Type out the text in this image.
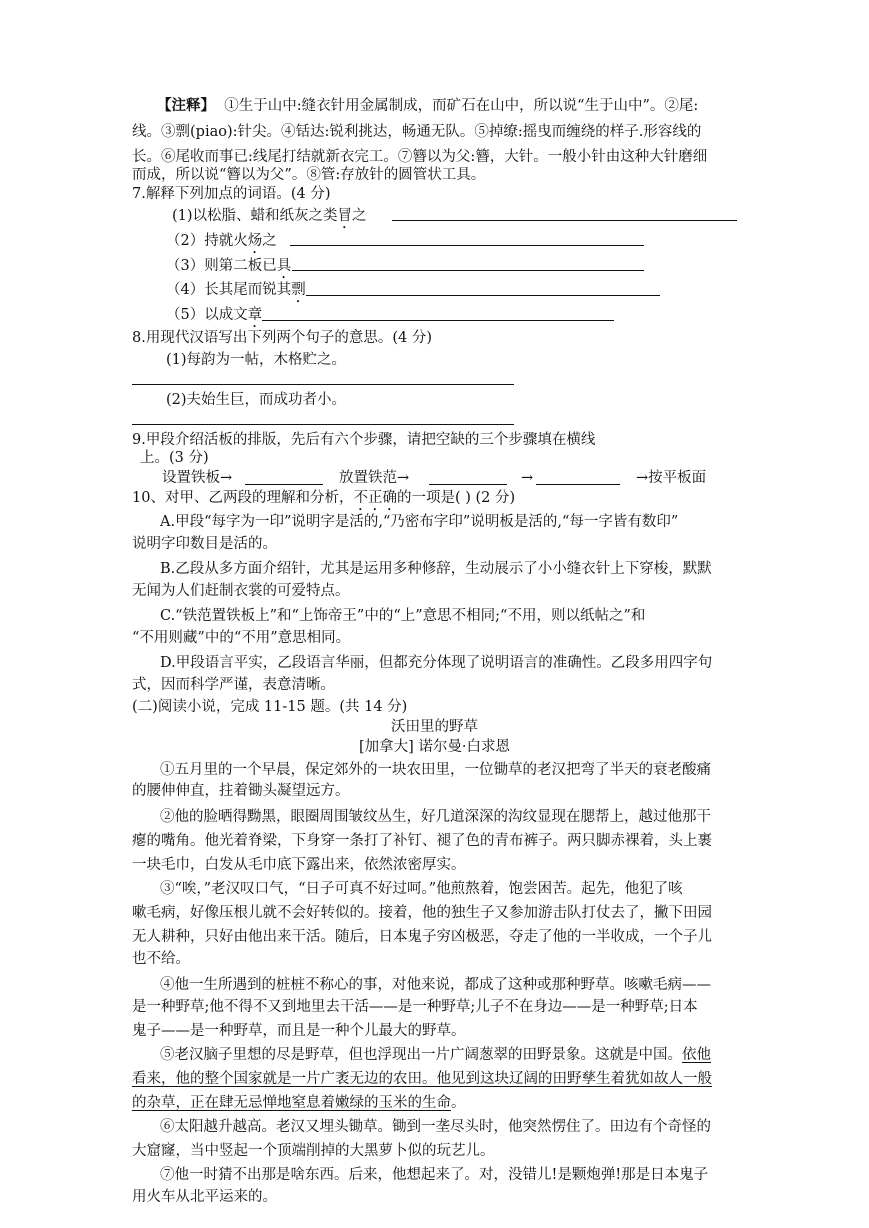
【注释】 ①生于山中:缝衣针用金属制成，而矿石在山中，所以说“生于山中”。②尾:
线。③剽(piao):针尖。④铦达:锐利挑达，畅通无队。⑤掉缭:摇曳而缠绕的样子.形容线的
长。⑥尾收而事已:线尾打结就新衣完工。⑦簪以为父:簪，大针。一般小针由这种大针磨细
而成，所以说“簪以为父”。⑧管:存放针的圆管状工具。
7.解释下列加点的词语。(4 分)
(1)以松脂、蜡和纸灰之类冒之
（2）持就火炀之
（3）则第二板已具
（4）长其尾而锐其剽
（5）以成文章
8.用现代汉语写出下列两个句子的意思。(4 分)
(1)每韵为一帖，木格贮之。
(2)夫始生巨，而成功者小。
9.甲段介绍活板的排版，先后有六个步骤，请把空缺的三个步骤填在横线
上。(3 分)
设置铁板→	放置铁范→	→	→按平板面
10、对甲、乙两段的理解和分析，不正确的一项是( ) (2 分)
A.甲段“每字为一印”说明字是活的,“乃密布字印”说明板是活的,“每一字皆有数印”
说明字印数目是活的。
B.乙段从多方面介绍针，尤其是运用多种修辞，生动展示了小小缝衣针上下穿梭，默默
无闻为人们赶制衣裳的可爱特点。
C.“铁范置铁板上”和“上饰帝王”中的“上”意思不相同;“不用，则以纸帖之”和
“不用则藏”中的“不用”意思相同。
D.甲段语言平实，乙段语言华丽，但都充分体现了说明语言的准确性。乙段多用四字句
式，因而科学严谨，表意清晰。
(二)阅读小说，完成 11-15 题。(共 14 分)
沃田里的野草
[加拿大] 诺尔曼·白求恩
①五月里的一个早晨，保定郊外的一块农田里，一位锄草的老汉把弯了半天的衰老酸痛
的腰伸伸直，拄着锄头凝望远方。
②他的脸晒得黝黑，眼圈周围皱纹丛生，好几道深深的沟纹显现在腮帮上，越过他那干
瘪的嘴角。他光着脊梁，下身穿一条打了补钉、褪了色的青布裤子。两只脚赤裸着，头上裹
一块毛巾，白发从毛巾底下露出来，依然浓密厚实。
③“唉，”老汉叹口气，“日子可真不好过呵。”他煎熬着，饱尝困苦。起先，他犯了咳
嗽毛病，好像压根儿就不会好转似的。接着，他的独生子又参加游击队打仗去了，撇下田园
无人耕种，只好由他出来干活。随后，日本鬼子穷凶极恶，夺走了他的一半收成，一个子儿
也不给。
④他一生所遇到的桩桩不称心的事，对他来说，都成了这种或那种野草。咳嗽毛病——
是一种野草;他不得不又到地里去干活——是一种野草;儿子不在身边——是一种野草;日本
鬼子——是一种野草，而且是一种个儿最大的野草。
⑤老汉脑子里想的尽是野草，但也浮现出一片广阔葱翠的田野景象。这就是中国。依他
看来，他的整个国家就是一片广袤无边的农田。他见到这块辽阔的田野孳生着犹如故人一般
的杂草，正在肆无忌惮地窒息着嫩绿的玉米的生命。
⑥太阳越升越高。老汉又埋头锄草。锄到一垄尽头时，他突然愣住了。田边有个奇怪的
大窟窿，当中竖起一个顶端削掉的大黑萝卜似的玩艺儿。
⑦他一时猜不出那是啥东西。后来，他想起来了。对，没错儿!是颗炮弹!那是日本鬼子
用火车从北平运来的。
